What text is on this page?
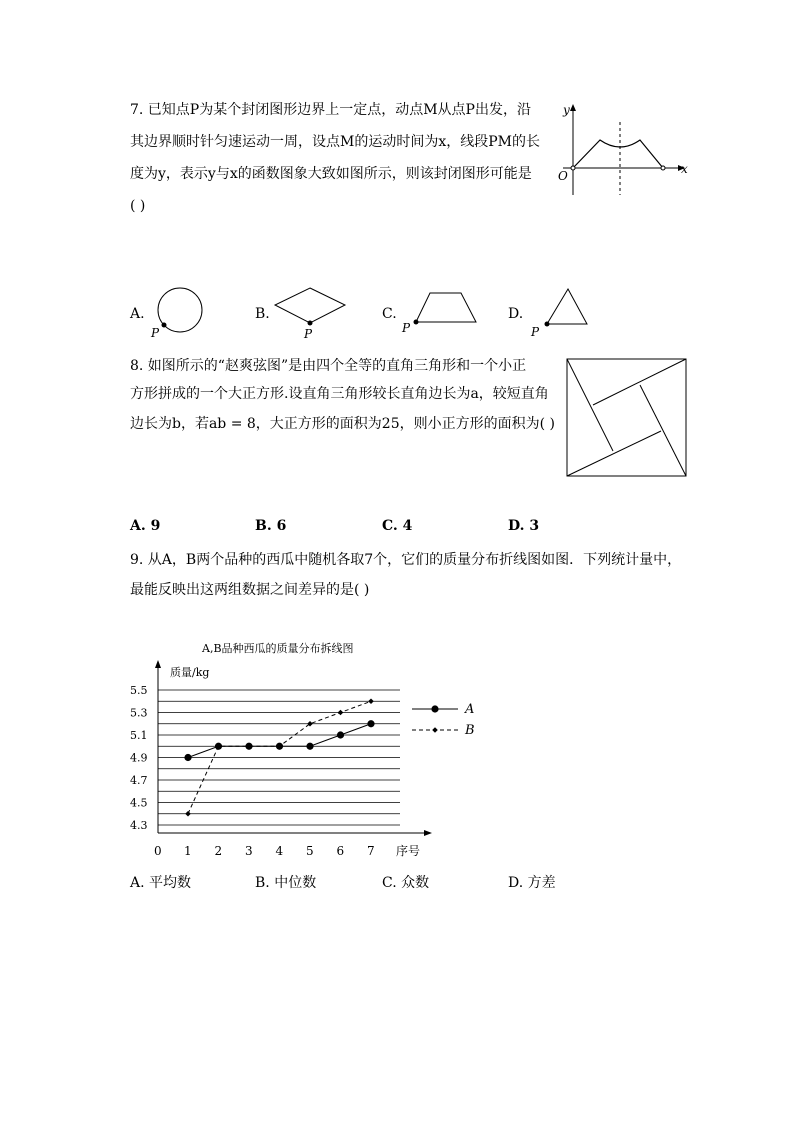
7. 已知点P为某个封闭图形边界上一定点，动点M从点P出发，沿
其边界顺时针匀速运动一周，设点M的运动时间为x，线段PM的长
度为y，表示y与x的函数图象大致如图所示，则该封闭图形可能是
( )
y
x
O
A.
P
B.
P
C.
P
D.
P
8. 如图所示的“赵爽弦图”是由四个全等的直角三角形和一个小正
方形拼成的一个大正方形.设直角三角形较长直角边长为a，较短直角
边长为b，若ab = 8，大正方形的面积为25，则小正方形的面积为( )
A. 9	B. 6	C. 4	D. 3
9. 从A，B两个品种的西瓜中随机各取7个，它们的质量分布折线图如图．下列统计量中，
最能反映出这两组数据之间差异的是( )
A,B品种西瓜的质量分布拆线图
质量/kg
5.5
5.3
5.1
4.9
4.7
4.5
4.3
1 2 3 4 5 6 7
0	序号
A
B
A. 平均数	B. 中位数	C. 众数	D. 方差
